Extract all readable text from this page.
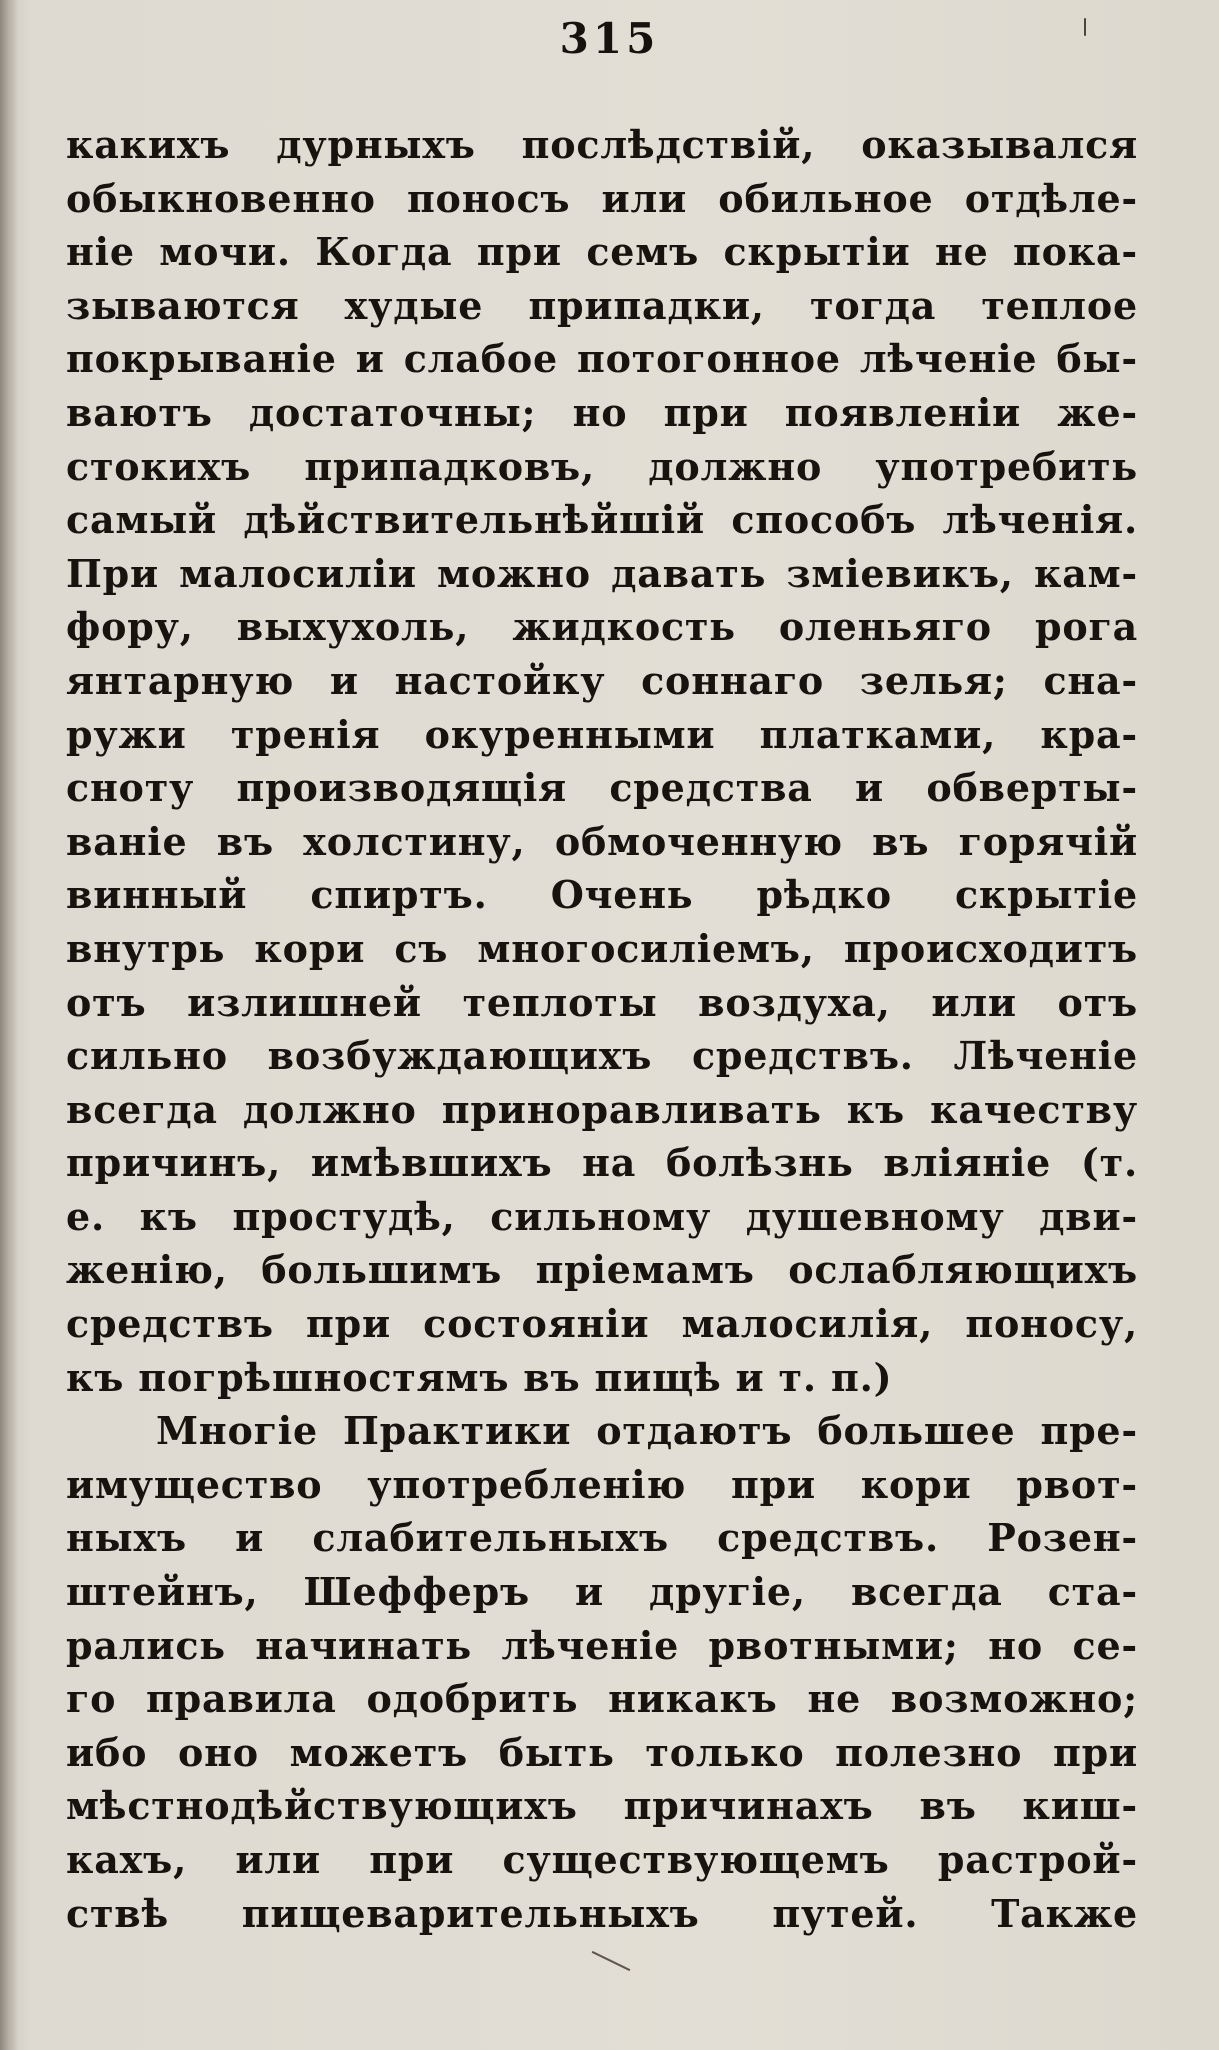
315
какихъ дурныхъ послѣдствій, оказывался
обыкновенно поносъ или обильное отдѣле-
ніе мочи. Когда при семъ скрытіи не пока-
зываются худые припадки, тогда теплое
покрываніе и слабое потогонное лѣченіе бы-
ваютъ достаточны; но при появленіи же-
стокихъ припадковъ, должно употребить
самый дѣйствительнѣйшій способъ лѣченія.
При малосиліи можно давать зміевикъ, кам-
фору, выхухоль, жидкость оленьяго рога
янтарную и настойку соннаго зелья; сна-
ружи тренія окуренными платками, кра-
сноту производящія средства и обверты-
ваніе въ холстину, обмоченную въ горячій
винный спиртъ. Очень рѣдко скрытіе
внутрь кори съ многосиліемъ, происходитъ
отъ излишней теплоты воздуха, или отъ
сильно возбуждающихъ средствъ. Лѣченіе
всегда должно приноравливать къ качеству
причинъ, имѣвшихъ на болѣзнь вліяніе (т.
е. къ простудѣ, сильному душевному дви-
женію, большимъ пріемамъ ослабляющихъ
средствъ при состояніи малосилія, поносу,
къ погрѣшностямъ въ пищѣ и т. п.)
Многіе Практики отдаютъ большее пре-
имущество употребленію при кори рвот-
ныхъ и слабительныхъ средствъ. Розен-
штейнъ, Шефферъ и другіе, всегда ста-
рались начинать лѣченіе рвотными; но се-
го правила одобрить никакъ не возможно;
ибо оно можетъ быть только полезно при
мѣстнодѣйствующихъ причинахъ въ киш-
кахъ, или при существующемъ растрой-
ствѣ пищеварительныхъ путей. Также
